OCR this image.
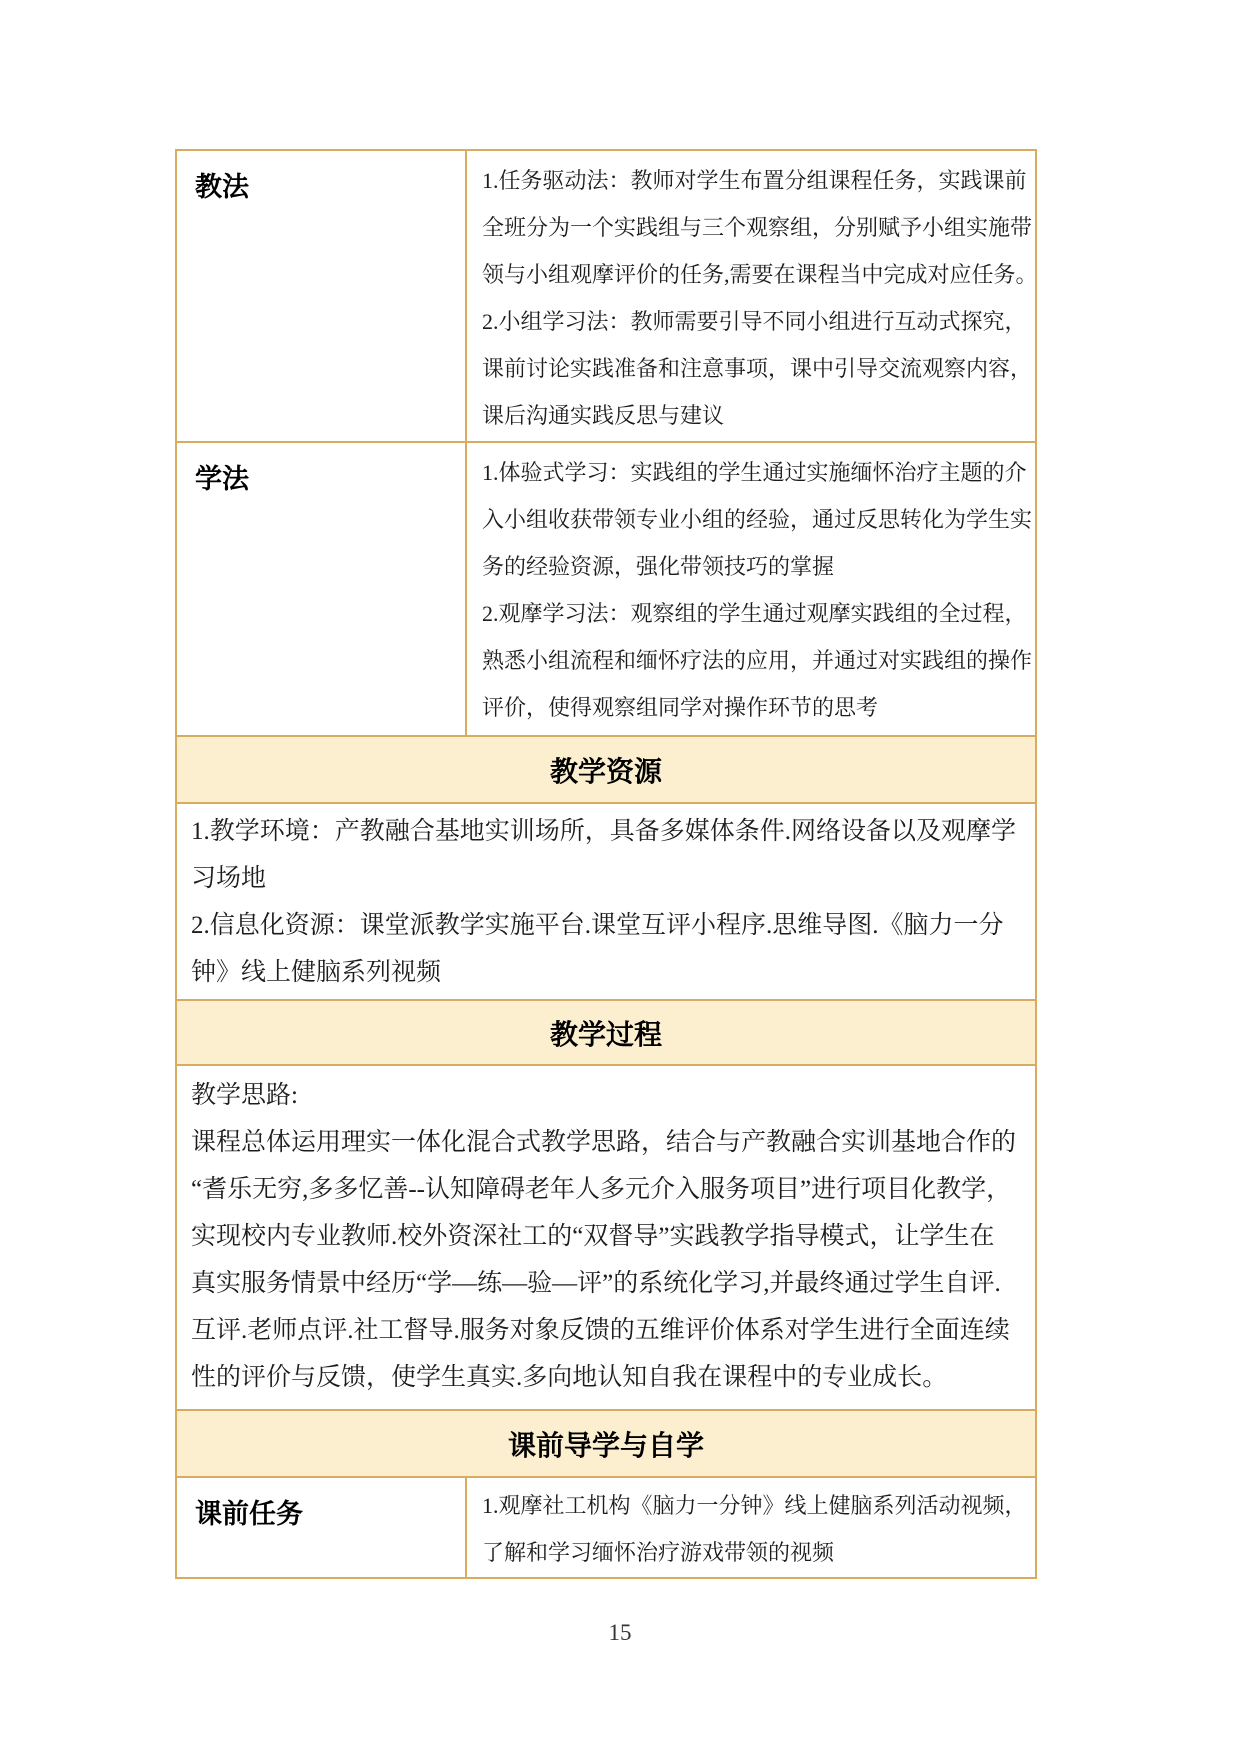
教法	1.任务驱动法：教师对学生布置分组课程任务，实践课前
全班分为一个实践组与三个观察组，分别赋予小组实施带
领与小组观摩评价的任务,需要在课程当中完成对应任务。
2.小组学习法：教师需要引导不同小组进行互动式探究，
课前讨论实践准备和注意事项，课中引导交流观察内容，
课后沟通实践反思与建议
学法	1.体验式学习：实践组的学生通过实施缅怀治疗主题的介
入小组收获带领专业小组的经验，通过反思转化为学生实
务的经验资源，强化带领技巧的掌握
2.观摩学习法：观察组的学生通过观摩实践组的全过程，
熟悉小组流程和缅怀疗法的应用，并通过对实践组的操作
评价，使得观察组同学对操作环节的思考
教学资源
1.教学环境：产教融合基地实训场所，具备多媒体条件.网络设备以及观摩学
习场地
2.信息化资源：课堂派教学实施平台.课堂互评小程序.思维导图.《脑力一分
钟》线上健脑系列视频
教学过程
教学思路:
课程总体运用理实一体化混合式教学思路，结合与产教融合实训基地合作的
“耆乐无穷,多多忆善--认知障碍老年人多元介入服务项目”进行项目化教学，
实现校内专业教师.校外资深社工的“双督导”实践教学指导模式，让学生在
真实服务情景中经历“学—练—验—评”的系统化学习,并最终通过学生自评.
互评.老师点评.社工督导.服务对象反馈的五维评价体系对学生进行全面连续
性的评价与反馈，使学生真实.多向地认知自我在课程中的专业成长。
课前导学与自学
课前任务	1.观摩社工机构《脑力一分钟》线上健脑系列活动视频，
了解和学习缅怀治疗游戏带领的视频
15
